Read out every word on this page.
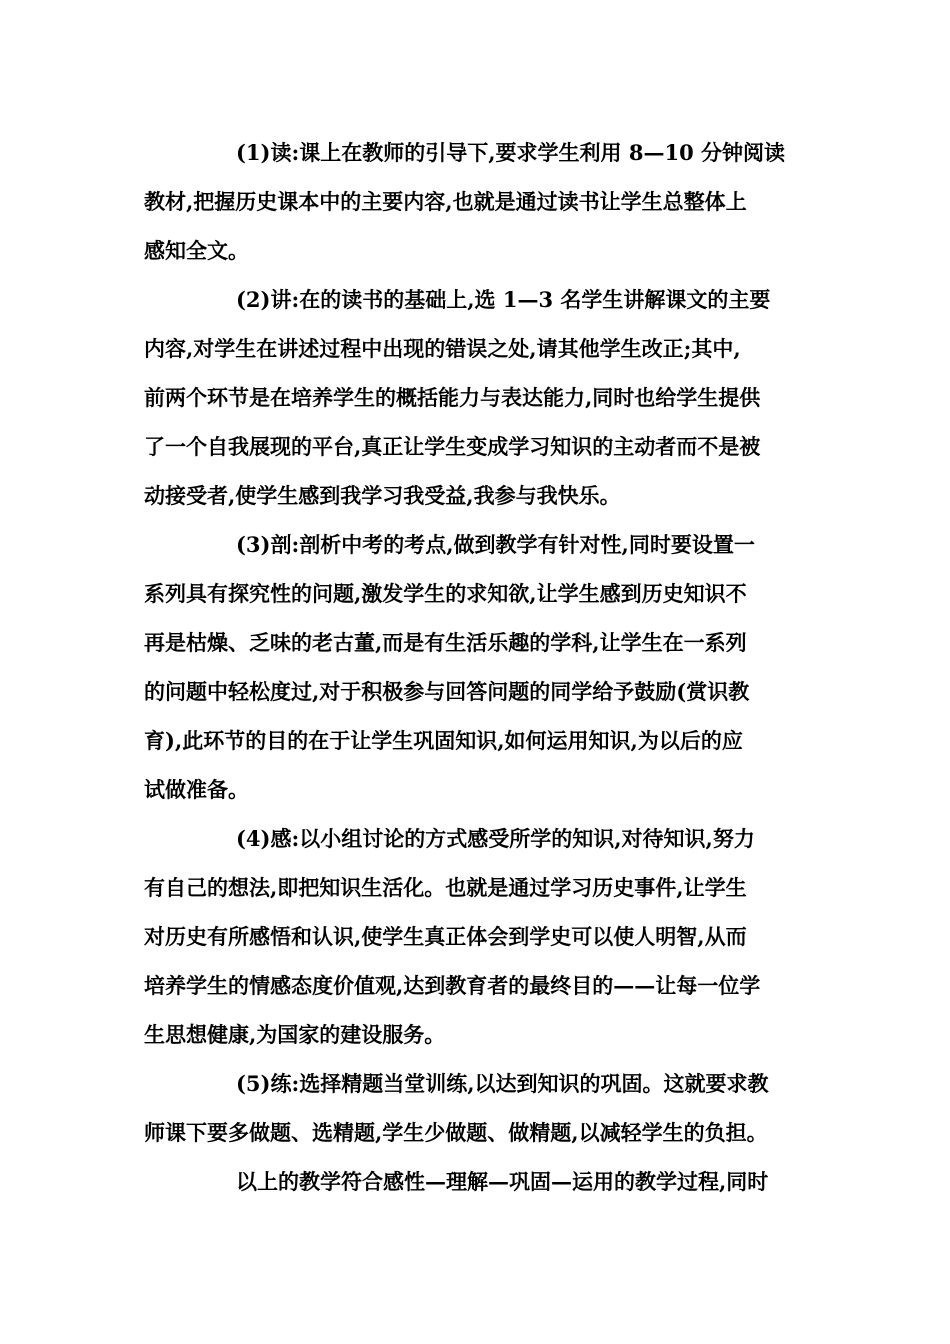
(1)读:课上在教师的引导下,要求学生利用 8—10 分钟阅读
教材,把握历史课本中的主要内容,也就是通过读书让学生总整体上
感知全文。
(2)讲:在的读书的基础上,选 1—3 名学生讲解课文的主要
内容,对学生在讲述过程中出现的错误之处,请其他学生改正;其中,
前两个环节是在培养学生的概括能力与表达能力,同时也给学生提供
了一个自我展现的平台,真正让学生变成学习知识的主动者而不是被
动接受者,使学生感到我学习我受益,我参与我快乐。
(3)剖:剖析中考的考点,做到教学有针对性,同时要设置一
系列具有探究性的问题,激发学生的求知欲,让学生感到历史知识不
再是枯燥、乏味的老古董,而是有生活乐趣的学科,让学生在一系列
的问题中轻松度过,对于积极参与回答问题的同学给予鼓励(赏识教
育),此环节的目的在于让学生巩固知识,如何运用知识,为以后的应
试做准备。
(4)感:以小组讨论的方式感受所学的知识,对待知识,努力
有自己的想法,即把知识生活化。也就是通过学习历史事件,让学生
对历史有所感悟和认识,使学生真正体会到学史可以使人明智,从而
培养学生的情感态度价值观,达到教育者的最终目的——让每一位学
生思想健康,为国家的建设服务。
(5)练:选择精题当堂训练,以达到知识的巩固。这就要求教
师课下要多做题、选精题,学生少做题、做精题,以减轻学生的负担。
以上的教学符合感性—理解—巩固—运用的教学过程,同时
